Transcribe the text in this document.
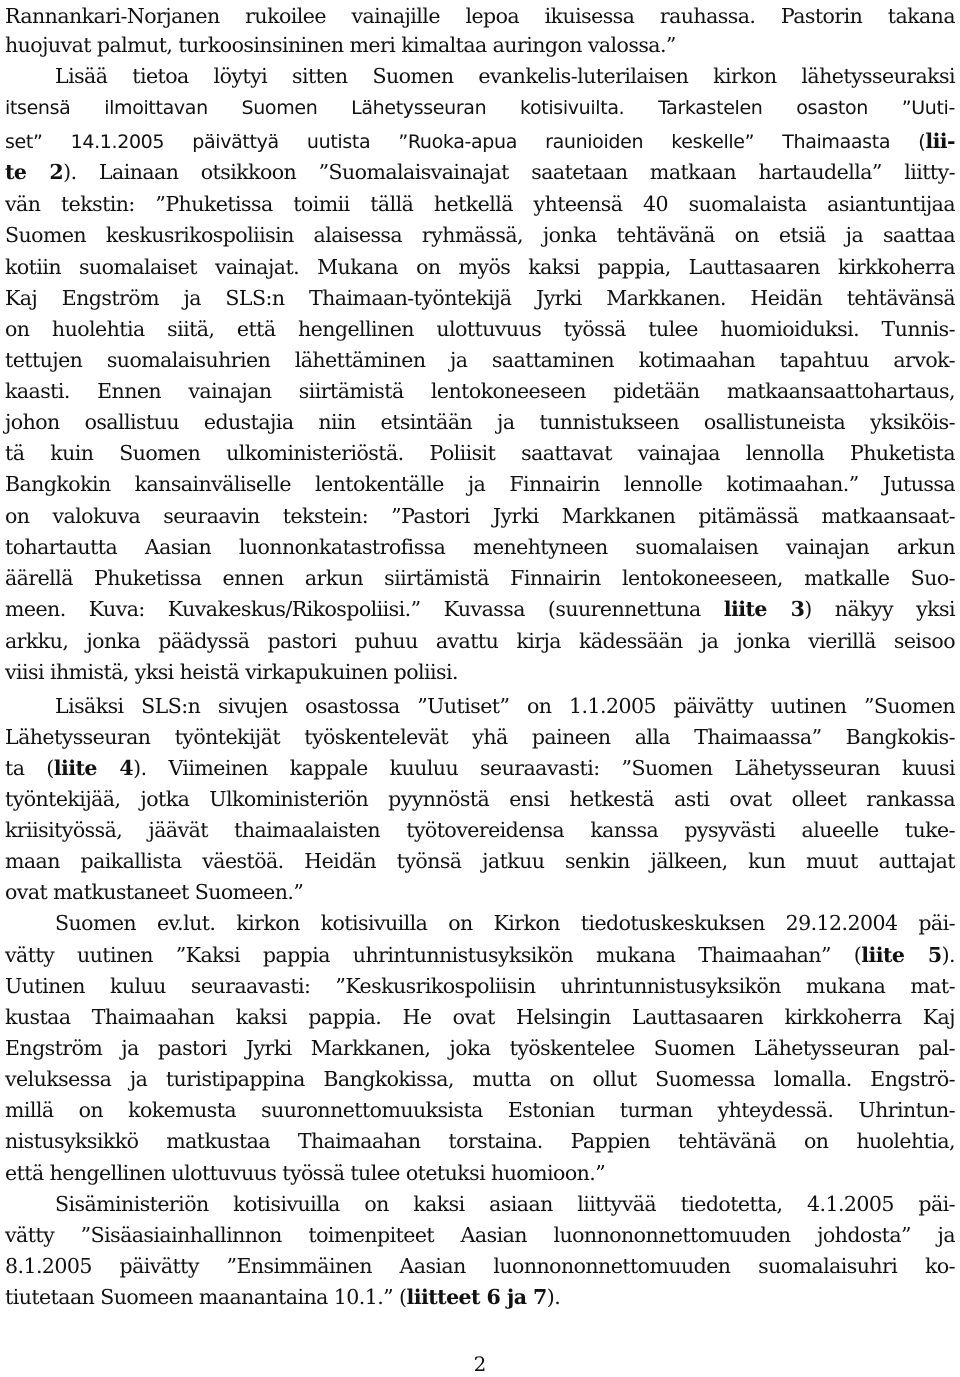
Rannankari-Norjanen rukoilee vainajille lepoa ikuisessa rauhassa. Pastorin takana
huojuvat palmut, turkoosinsininen meri kimaltaa auringon valossa.”
Lisää tietoa löytyi sitten Suomen evankelis-luterilaisen kirkon lähetysseuraksi
itsensä ilmoittavan Suomen Lähetysseuran kotisivuilta. Tarkastelen osaston ”Uuti-
set” 14.1.2005 päivättyä uutista ”Ruoka-apua raunioiden keskelle” Thaimaasta (lii-
te 2). Lainaan otsikkoon ”Suomalaisvainajat saatetaan matkaan hartaudella” liitty-
vän tekstin: ”Phuketissa toimii tällä hetkellä yhteensä 40 suomalaista asiantuntijaa
Suomen keskusrikospoliisin alaisessa ryhmässä, jonka tehtävänä on etsiä ja saattaa
kotiin suomalaiset vainajat. Mukana on myös kaksi pappia, Lauttasaaren kirkkoherra
Kaj Engström ja SLS:n Thaimaan-työntekijä Jyrki Markkanen. Heidän tehtävänsä
on huolehtia siitä, että hengellinen ulottuvuus työssä tulee huomioiduksi. Tunnis-
tettujen suomalaisuhrien lähettäminen ja saattaminen kotimaahan tapahtuu arvok-
kaasti. Ennen vainajan siirtämistä lentokoneeseen pidetään matkaansaattohartaus,
johon osallistuu edustajia niin etsintään ja tunnistukseen osallistuneista yksiköis-
tä kuin Suomen ulkoministeriöstä. Poliisit saattavat vainajaa lennolla Phuketista
Bangkokin kansainväliselle lentokentälle ja Finnairin lennolle kotimaahan.” Jutussa
on valokuva seuraavin tekstein: ”Pastori Jyrki Markkanen pitämässä matkaansaat-
tohartautta Aasian luonnonkatastrofissa menehtyneen suomalaisen vainajan arkun
äärellä Phuketissa ennen arkun siirtämistä Finnairin lentokoneeseen, matkalle Suo-
meen. Kuva: Kuvakeskus/Rikospoliisi.” Kuvassa (suurennettuna liite 3) näkyy yksi
arkku, jonka päädyssä pastori puhuu avattu kirja kädessään ja jonka vierillä seisoo
viisi ihmistä, yksi heistä virkapukuinen poliisi.
Lisäksi SLS:n sivujen osastossa ”Uutiset” on 1.1.2005 päivätty uutinen ”Suomen
Lähetysseuran työntekijät työskentelevät yhä paineen alla Thaimaassa” Bangkokis-
ta (liite 4). Viimeinen kappale kuuluu seuraavasti: ”Suomen Lähetysseuran kuusi
työntekijää, jotka Ulkoministeriön pyynnöstä ensi hetkestä asti ovat olleet rankassa
kriisityössä, jäävät thaimaalaisten työtovereidensa kanssa pysyvästi alueelle tuke-
maan paikallista väestöä. Heidän työnsä jatkuu senkin jälkeen, kun muut auttajat
ovat matkustaneet Suomeen.”
Suomen ev.lut. kirkon kotisivuilla on Kirkon tiedotuskeskuksen 29.12.2004 päi-
vätty uutinen ”Kaksi pappia uhrintunnistusyksikön mukana Thaimaahan” (liite 5).
Uutinen kuluu seuraavasti: ”Keskusrikospoliisin uhrintunnistusyksikön mukana mat-
kustaa Thaimaahan kaksi pappia. He ovat Helsingin Lauttasaaren kirkkoherra Kaj
Engström ja pastori Jyrki Markkanen, joka työskentelee Suomen Lähetysseuran pal-
veluksessa ja turistipappina Bangkokissa, mutta on ollut Suomessa lomalla. Engströ-
millä on kokemusta suuronnettomuuksista Estonian turman yhteydessä. Uhrintun-
nistusyksikkö matkustaa Thaimaahan torstaina. Pappien tehtävänä on huolehtia,
että hengellinen ulottuvuus työssä tulee otetuksi huomioon.”
Sisäministeriön kotisivuilla on kaksi asiaan liittyvää tiedotetta, 4.1.2005 päi-
vätty ”Sisäasiainhallinnon toimenpiteet Aasian luonnononnettomuuden johdosta” ja
8.1.2005 päivätty ”Ensimmäinen Aasian luonnononnettomuuden suomalaisuhri ko-
tiutetaan Suomeen maanantaina 10.1.” (liitteet 6 ja 7).
2
